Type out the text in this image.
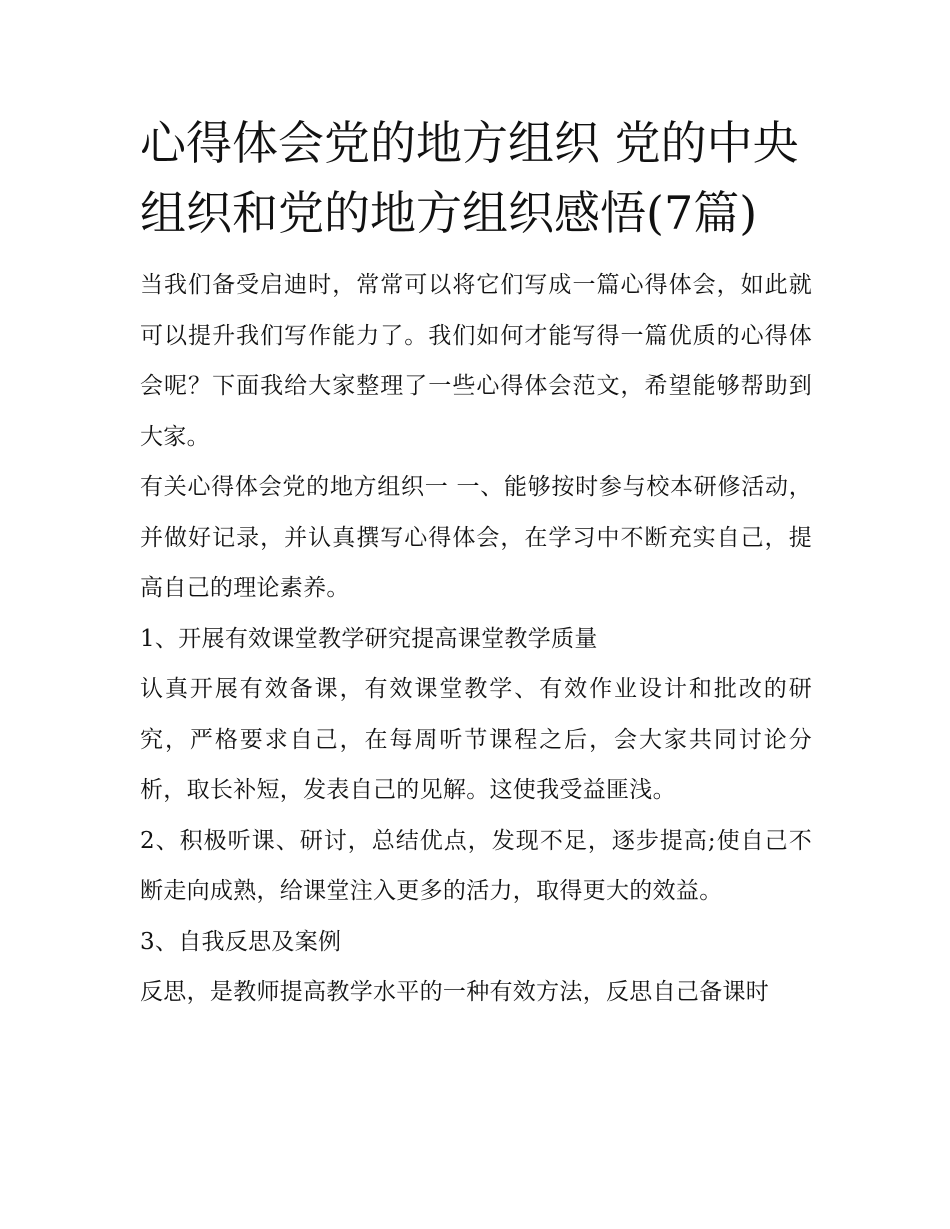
心得体会党的地方组织 党的中央组织和党的地方组织感悟(7篇)

当我们备受启迪时，常常可以将它们写成一篇心得体会，如此就可以提升我们写作能力了。我们如何才能写得一篇优质的心得体会呢？下面我给大家整理了一些心得体会范文，希望能够帮助到大家。

有关心得体会党的地方组织一 一、能够按时参与校本研修活动，并做好记录，并认真撰写心得体会，在学习中不断充实自己，提高自己的理论素养。

1、开展有效课堂教学研究提高课堂教学质量

认真开展有效备课，有效课堂教学、有效作业设计和批改的研究，严格要求自己，在每周听节课程之后，会大家共同讨论分析，取长补短，发表自己的见解。这使我受益匪浅。

2、积极听课、研讨，总结优点，发现不足，逐步提高;使自己不断走向成熟，给课堂注入更多的活力，取得更大的效益。

3、自我反思及案例

反思，是教师提高教学水平的一种有效方法，反思自己备课时
